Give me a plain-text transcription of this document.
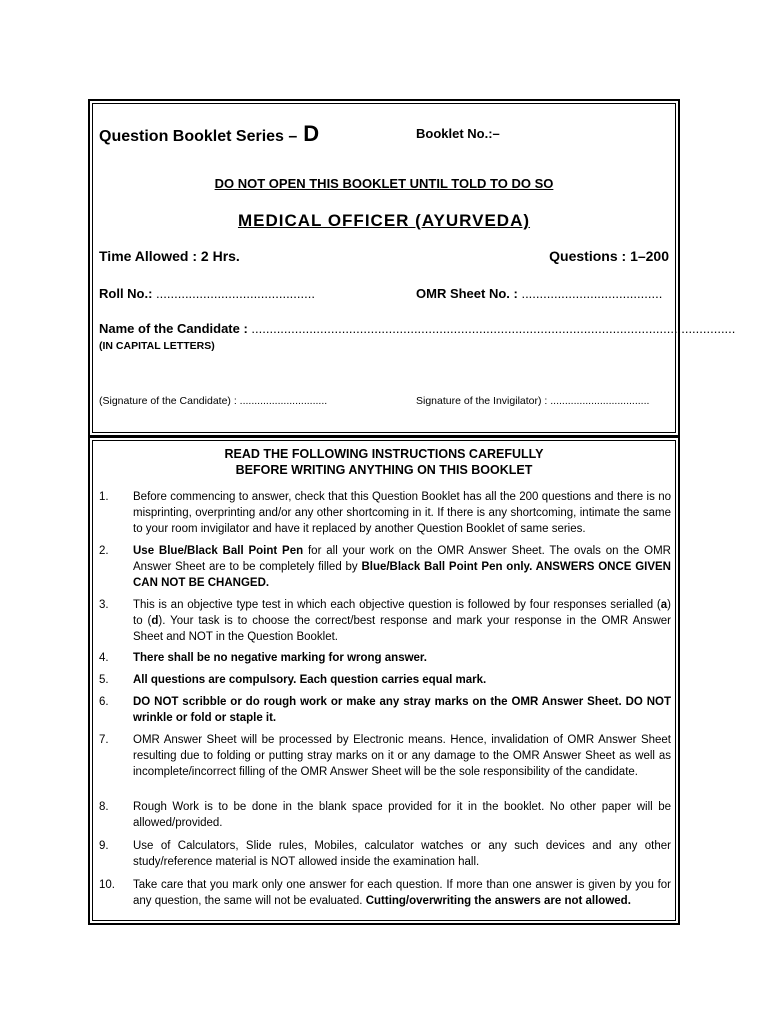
Question Booklet Series – D	Booklet No.:–
DO NOT OPEN THIS BOOKLET UNTIL TOLD TO DO SO
MEDICAL OFFICER (AYURVEDA)
Time Allowed : 2 Hrs.	Questions : 1–200
Roll No.: ............................................	OMR Sheet No. : .......................................
Name of the Candidate : ......................................................................................................................................
(IN CAPITAL LETTERS)
(Signature of the Candidate) : ..............................	Signature of the Invigilator) : ..................................
READ THE FOLLOWING INSTRUCTIONS CAREFULLY
BEFORE WRITING ANYTHING ON THIS BOOKLET
1. Before commencing to answer, check that this Question Booklet has all the 200 questions and there is no misprinting, overprinting and/or any other shortcoming in it. If there is any shortcoming, intimate the same to your room invigilator and have it replaced by another Question Booklet of same series.
2. Use Blue/Black Ball Point Pen for all your work on the OMR Answer Sheet. The ovals on the OMR Answer Sheet are to be completely filled by Blue/Black Ball Point Pen only. ANSWERS ONCE GIVEN CAN NOT BE CHANGED.
3. This is an objective type test in which each objective question is followed by four responses serialled (a) to (d). Your task is to choose the correct/best response and mark your response in the OMR Answer Sheet and NOT in the Question Booklet.
4. There shall be no negative marking for wrong answer.
5. All questions are compulsory. Each question carries equal mark.
6. DO NOT scribble or do rough work or make any stray marks on the OMR Answer Sheet. DO NOT wrinkle or fold or staple it.
7. OMR Answer Sheet will be processed by Electronic means. Hence, invalidation of OMR Answer Sheet resulting due to folding or putting stray marks on it or any damage to the OMR Answer Sheet as well as incomplete/incorrect filling of the OMR Answer Sheet will be the sole responsibility of the candidate.
8. Rough Work is to be done in the blank space provided for it in the booklet. No other paper will be allowed/provided.
9. Use of Calculators, Slide rules, Mobiles, calculator watches or any such devices and any other study/reference material is NOT allowed inside the examination hall.
10. Take care that you mark only one answer for each question. If more than one answer is given by you for any question, the same will not be evaluated. Cutting/overwriting the answers are not allowed.
